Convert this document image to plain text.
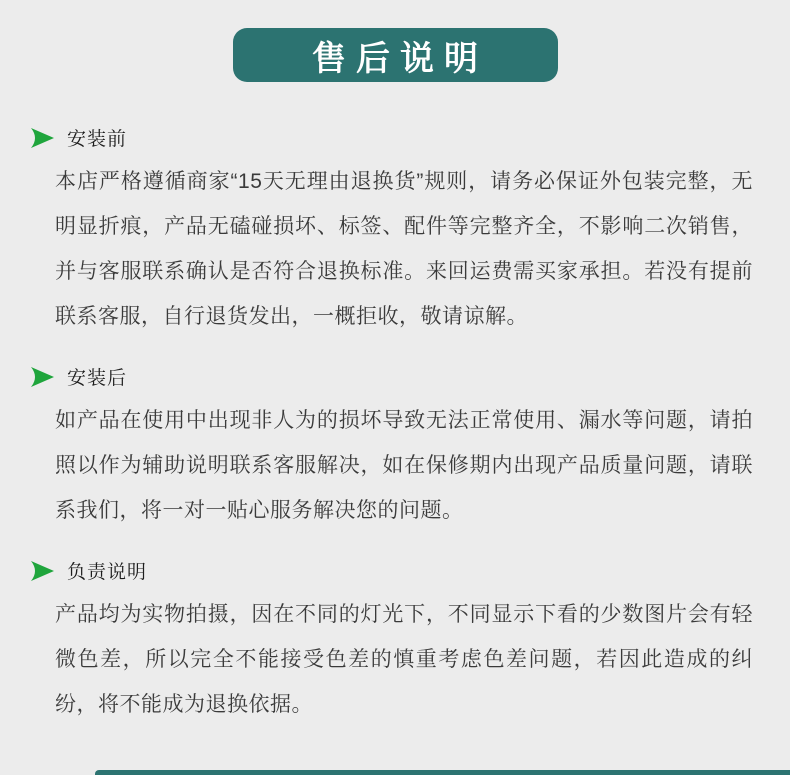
售后说明
安装前

本店严格遵循商家“15天无理由退换货”规则，请务必保证外包装完整，无明显折痕，产品无磕碰损坏、标签、配件等完整齐全，不影响二次销售，并与客服联系确认是否符合退换标准。来回运费需买家承担。若没有提前联系客服，自行退货发出，一概拒收，敬请谅解。

安装后

如产品在使用中出现非人为的损坏导致无法正常使用、漏水等问题，请拍照以作为辅助说明联系客服解决，如在保修期内出现产品质量问题，请联系我们，将一对一贴心服务解决您的问题。

负责说明

产品均为实物拍摄，因在不同的灯光下，不同显示下看的少数图片会有轻微色差，所以完全不能接受色差的慎重考虑色差问题，若因此造成的纠纷，将不能成为退换依据。
